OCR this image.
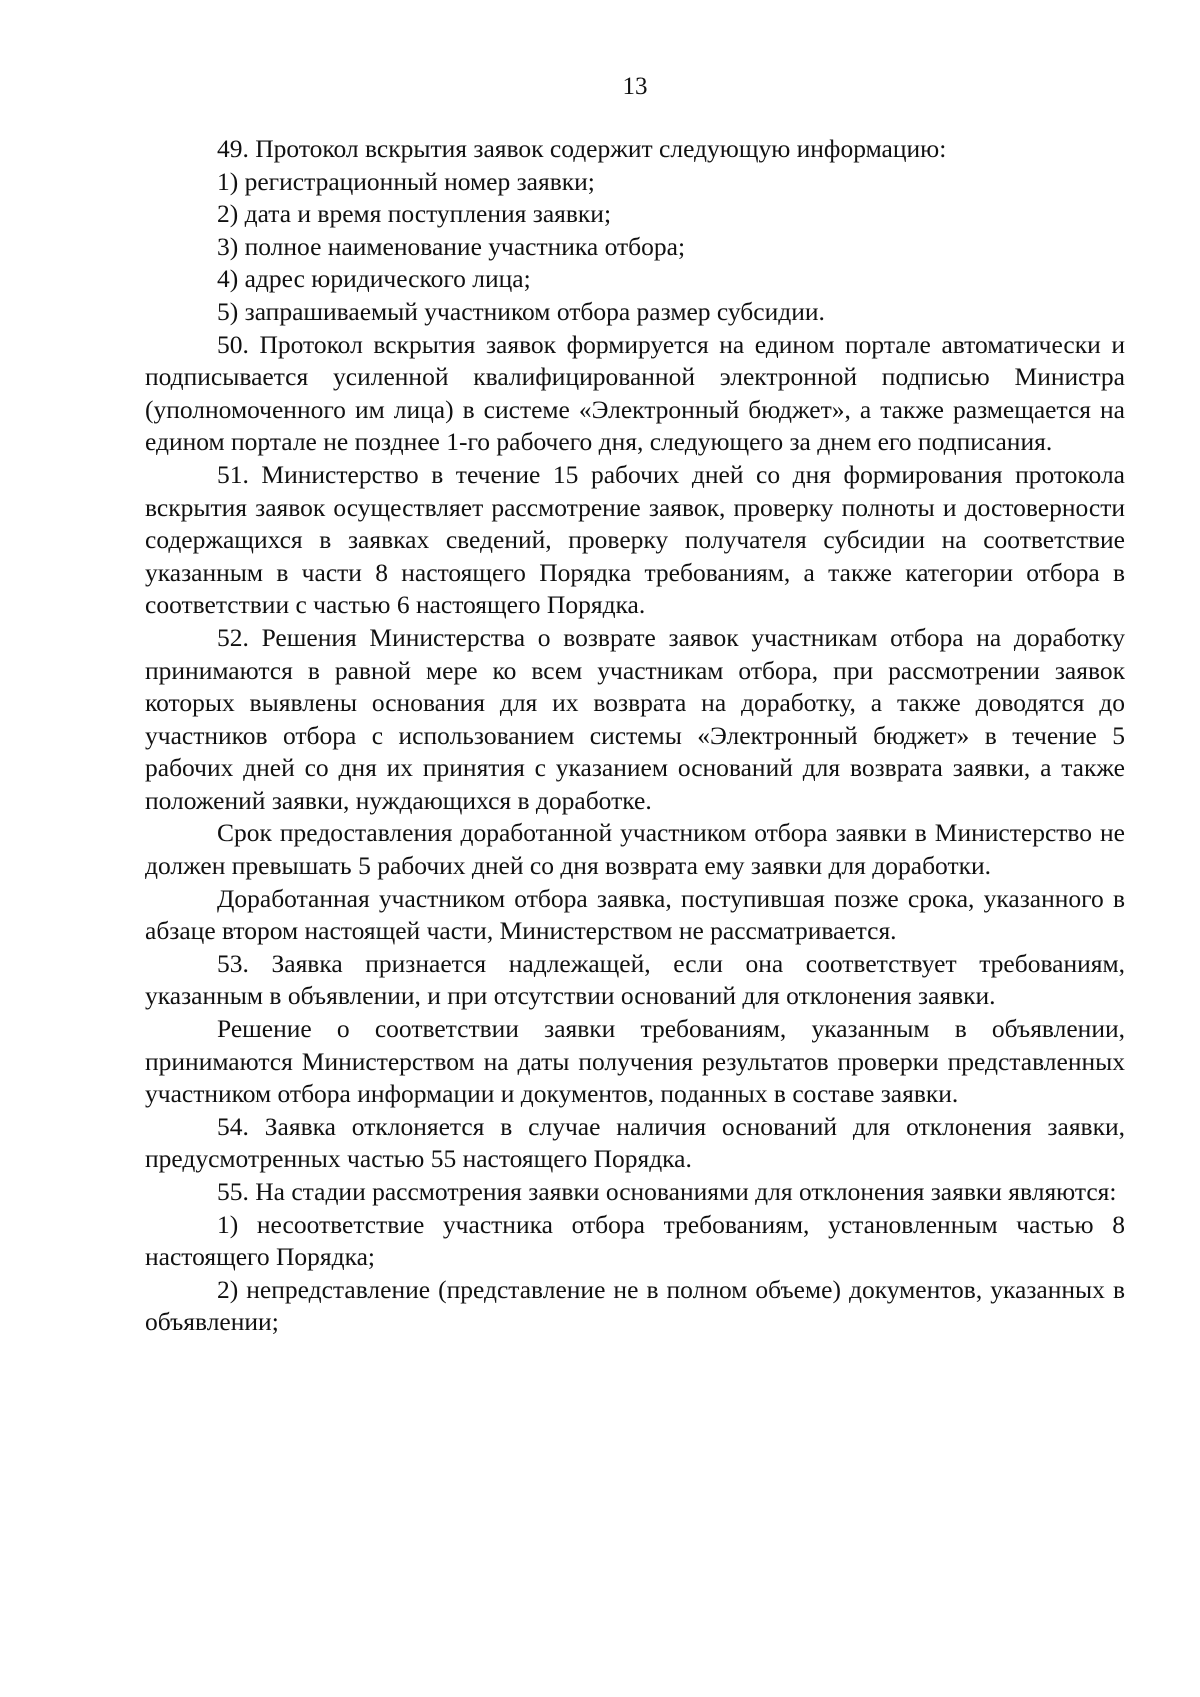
13

49. Протокол вскрытия заявок содержит следующую информацию:

1) регистрационный номер заявки;

2) дата и время поступления заявки;

3) полное наименование участника отбора;

4) адрес юридического лица;

5) запрашиваемый участником отбора размер субсидии.

50. Протокол вскрытия заявок формируется на едином портале автоматически и подписывается усиленной квалифицированной электронной подписью Министра (уполномоченного им лица) в системе «Электронный бюджет», а также размещается на едином портале не позднее 1-го рабочего дня, следующего за днем его подписания.

51. Министерство в течение 15 рабочих дней со дня формирования протокола вскрытия заявок осуществляет рассмотрение заявок, проверку полноты и достоверности содержащихся в заявках сведений, проверку получателя субсидии на соответствие указанным в части 8 настоящего Порядка требованиям, а также категории отбора в соответствии с частью 6 настоящего Порядка.

52. Решения Министерства о возврате заявок участникам отбора на доработку принимаются в равной мере ко всем участникам отбора, при рассмотрении заявок которых выявлены основания для их возврата на доработку, а также доводятся до участников отбора с использованием системы «Электронный бюджет» в течение 5 рабочих дней со дня их принятия с указанием оснований для возврата заявки, а также положений заявки, нуждающихся в доработке.

Срок предоставления доработанной участником отбора заявки в Министерство не должен превышать 5 рабочих дней со дня возврата ему заявки для доработки.

Доработанная участником отбора заявка, поступившая позже срока, указанного в абзаце втором настоящей части, Министерством не рассматривается.

53. Заявка признается надлежащей, если она соответствует требованиям, указанным в объявлении, и при отсутствии оснований для отклонения заявки.

Решение о соответствии заявки требованиям, указанным в объявлении, принимаются Министерством на даты получения результатов проверки представленных участником отбора информации и документов, поданных в составе заявки.

54. Заявка отклоняется в случае наличия оснований для отклонения заявки, предусмотренных частью 55 настоящего Порядка.

55. На стадии рассмотрения заявки основаниями для отклонения заявки являются:

1) несоответствие участника отбора требованиям, установленным частью 8 настоящего Порядка;

2) непредставление (представление не в полном объеме) документов, указанных в объявлении;
